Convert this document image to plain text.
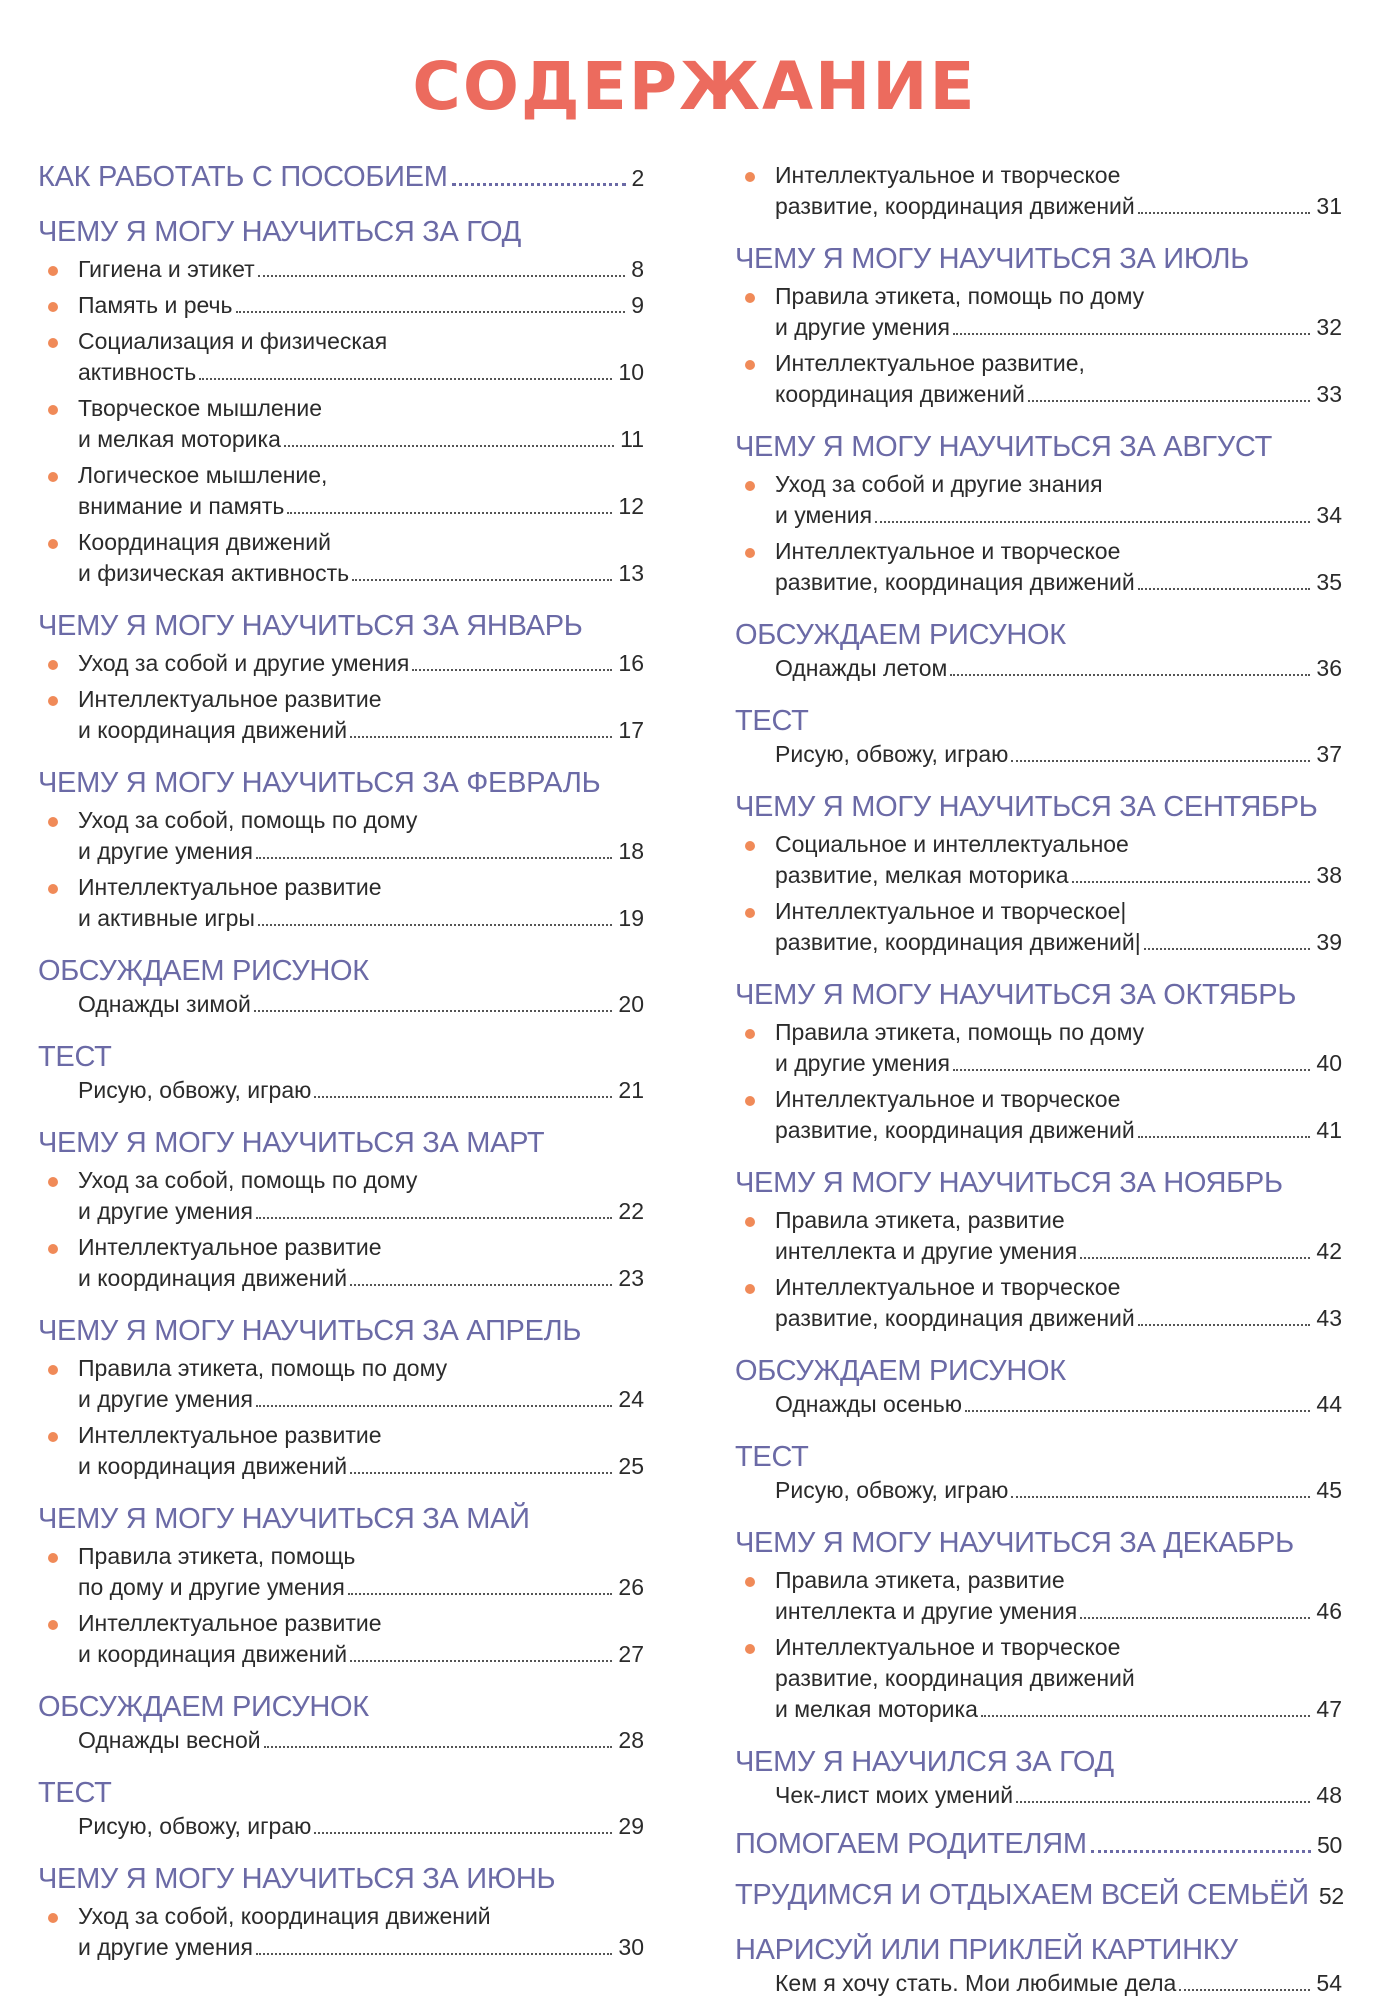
СОДЕРЖАНИЕ
КАК РАБОТАТЬ С ПОСОБИЕМ	2
ЧЕМУ Я МОГУ НАУЧИТЬСЯ ЗА ГОД
Гигиена и этикет	8
Память и речь	9
Социализация и физическая
активность	10
Творческое мышление
и мелкая моторика	11
Логическое мышление,
внимание и память	12
Координация движений
и физическая активность	13
ЧЕМУ Я МОГУ НАУЧИТЬСЯ ЗА ЯНВАРЬ
Уход за собой и другие умения	16
Интеллектуальное развитие
и координация движений	17
ЧЕМУ Я МОГУ НАУЧИТЬСЯ ЗА ФЕВРАЛЬ
Уход за собой, помощь по дому
и другие умения	18
Интеллектуальное развитие
и активные игры	19
ОБСУЖДАЕМ РИСУНОК
Однажды зимой	20
ТЕСТ
Рисую, обвожу, играю	21
ЧЕМУ Я МОГУ НАУЧИТЬСЯ ЗА МАРТ
Уход за собой, помощь по дому
и другие умения	22
Интеллектуальное развитие
и координация движений	23
ЧЕМУ Я МОГУ НАУЧИТЬСЯ ЗА АПРЕЛЬ
Правила этикета, помощь по дому
и другие умения	24
Интеллектуальное развитие
и координация движений	25
ЧЕМУ Я МОГУ НАУЧИТЬСЯ ЗА МАЙ
Правила этикета, помощь
по дому и другие умения	26
Интеллектуальное развитие
и координация движений	27
ОБСУЖДАЕМ РИСУНОК
Однажды весной	28
ТЕСТ
Рисую, обвожу, играю	29
ЧЕМУ Я МОГУ НАУЧИТЬСЯ ЗА ИЮНЬ
Уход за собой, координация движений
и другие умения	30
Интеллектуальное и творческое
развитие, координация движений	31
ЧЕМУ Я МОГУ НАУЧИТЬСЯ ЗА ИЮЛЬ
Правила этикета, помощь по дому
и другие умения	32
Интеллектуальное развитие,
координация движений	33
ЧЕМУ Я МОГУ НАУЧИТЬСЯ ЗА АВГУСТ
Уход за собой и другие знания
и умения	34
Интеллектуальное и творческое
развитие, координация движений	35
ОБСУЖДАЕМ РИСУНОК
Однажды летом	36
ТЕСТ
Рисую, обвожу, играю	37
ЧЕМУ Я МОГУ НАУЧИТЬСЯ ЗА СЕНТЯБРЬ
Социальное и интеллектуальное
развитие, мелкая моторика	38
Интеллектуальное и творческое|
развитие, координация движений|	39
ЧЕМУ Я МОГУ НАУЧИТЬСЯ ЗА ОКТЯБРЬ
Правила этикета, помощь по дому
и другие умения	40
Интеллектуальное и творческое
развитие, координация движений	41
ЧЕМУ Я МОГУ НАУЧИТЬСЯ ЗА НОЯБРЬ
Правила этикета, развитие
интеллекта и другие умения	42
Интеллектуальное и творческое
развитие, координация движений	43
ОБСУЖДАЕМ РИСУНОК
Однажды осенью	44
ТЕСТ
Рисую, обвожу, играю	45
ЧЕМУ Я МОГУ НАУЧИТЬСЯ ЗА ДЕКАБРЬ
Правила этикета, развитие
интеллекта и другие умения	46
Интеллектуальное и творческое
развитие, координация движений
и мелкая моторика	47
ЧЕМУ Я НАУЧИЛСЯ ЗА ГОД
Чек-лист моих умений	48
ПОМОГАЕМ РОДИТЕЛЯМ	50
ТРУДИМСЯ И ОТДЫХАЕМ ВСЕЙ СЕМЬЁЙ 52
НАРИСУЙ ИЛИ ПРИКЛЕЙ КАРТИНКУ
Кем я хочу стать. Мои любимые дела	54
